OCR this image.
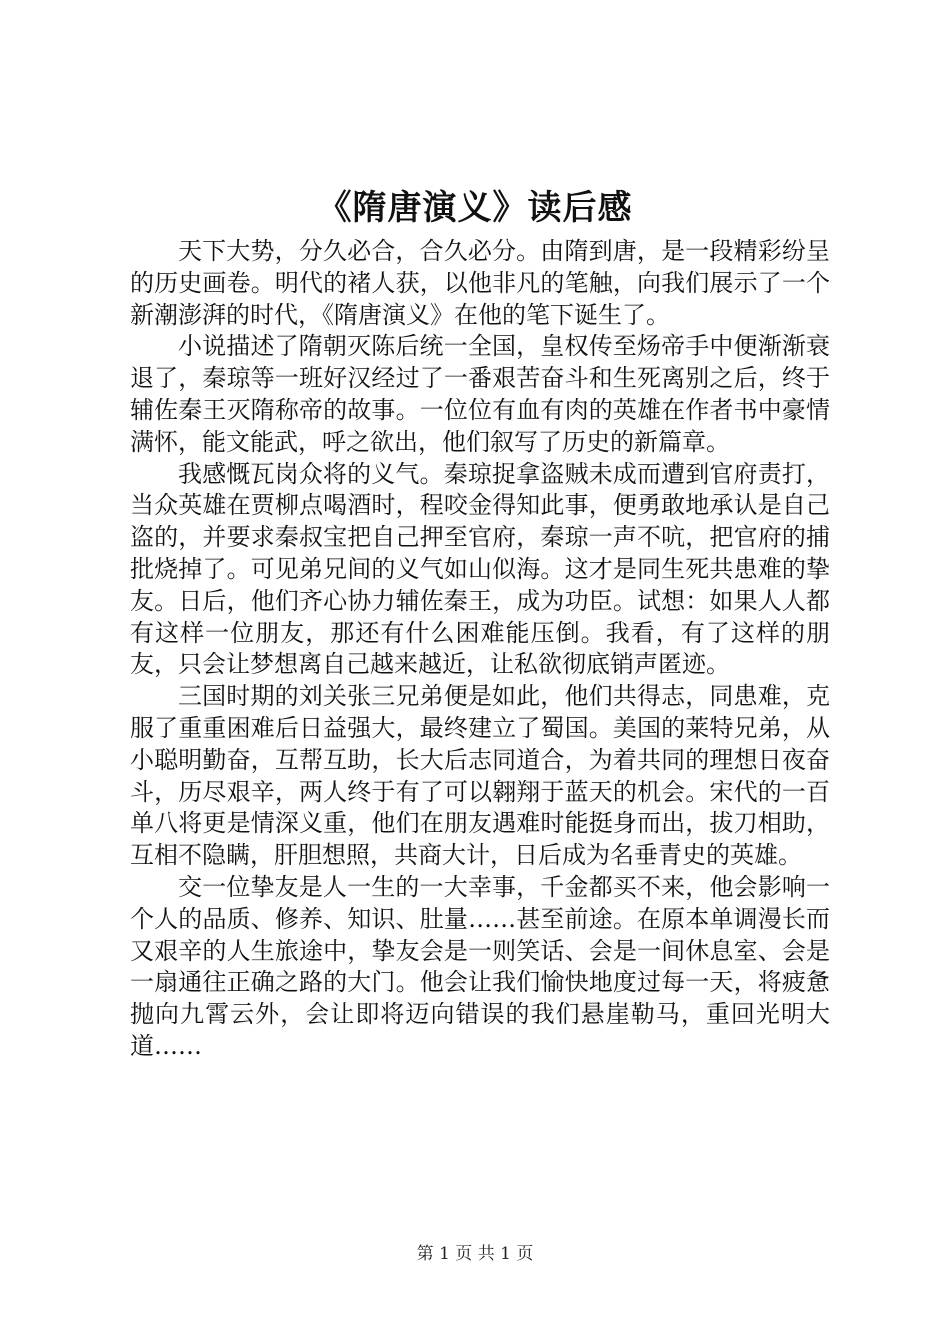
《隋唐演义》读后感

天下大势，分久必合，合久必分。由隋到唐，是一段精彩纷呈的历史画卷。明代的褚人获，以他非凡的笔触，向我们展示了一个新潮澎湃的时代，《隋唐演义》在他的笔下诞生了。

小说描述了隋朝灭陈后统一全国，皇权传至炀帝手中便渐渐衰退了，秦琼等一班好汉经过了一番艰苦奋斗和生死离别之后，终于辅佐秦王灭隋称帝的故事。一位位有血有肉的英雄在作者书中豪情满怀，能文能武，呼之欲出，他们叙写了历史的新篇章。

我感慨瓦岗众将的义气。秦琼捉拿盗贼未成而遭到官府责打，当众英雄在贾柳点喝酒时，程咬金得知此事，便勇敢地承认是自己盗的，并要求秦叔宝把自己押至官府，秦琼一声不吭，把官府的捕批烧掉了。可见弟兄间的义气如山似海。这才是同生死共患难的挚友。日后，他们齐心协力辅佐秦王，成为功臣。试想：如果人人都有这样一位朋友，那还有什么困难能压倒。我看，有了这样的朋友，只会让梦想离自己越来越近，让私欲彻底销声匿迹。

三国时期的刘关张三兄弟便是如此，他们共得志，同患难，克服了重重困难后日益强大，最终建立了蜀国。美国的莱特兄弟，从小聪明勤奋，互帮互助，长大后志同道合，为着共同的理想日夜奋斗，历尽艰辛，两人终于有了可以翱翔于蓝天的机会。宋代的一百单八将更是情深义重，他们在朋友遇难时能挺身而出，拔刀相助，互相不隐瞒，肝胆想照，共商大计，日后成为名垂青史的英雄。

交一位挚友是人一生的一大幸事，千金都买不来，他会影响一个人的品质、修养、知识、肚量……甚至前途。在原本单调漫长而又艰辛的人生旅途中，挚友会是一则笑话、会是一间休息室、会是一扇通往正确之路的大门。他会让我们愉快地度过每一天，将疲惫抛向九霄云外，会让即将迈向错误的我们悬崖勒马，重回光明大道……

第 1 页 共 1 页
